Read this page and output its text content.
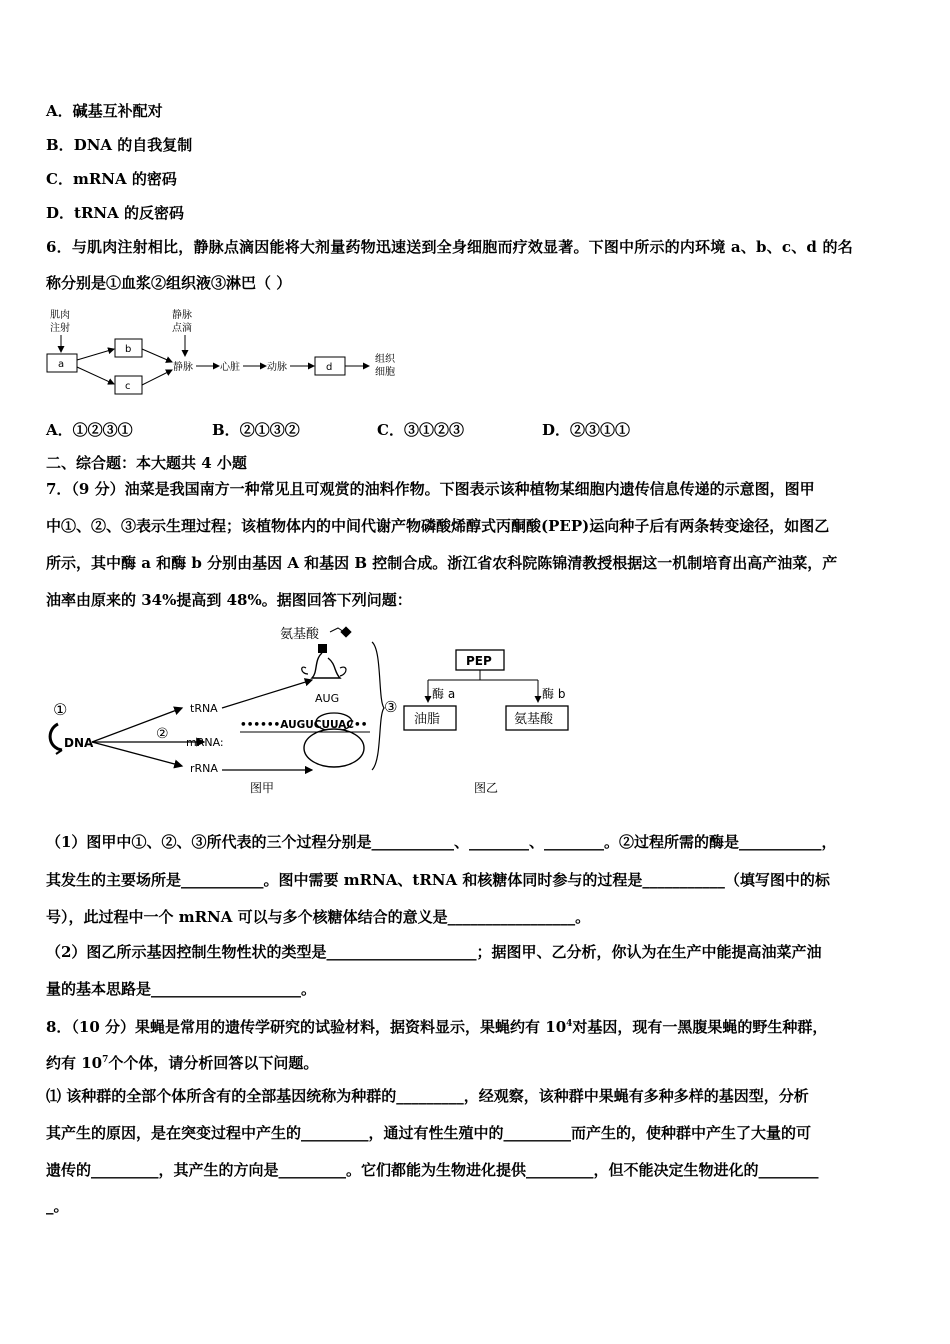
A．碱基互补配对
B．DNA 的自我复制
C．mRNA 的密码
D．tRNA 的反密码
6．与肌肉注射相比，静脉点滴因能将大剂量药物迅速送到全身细胞而疗效显著。下图中所示的内环境 a、b、c、d 的名
称分别是①血浆②组织液③淋巴（ ）
肌肉
注射
a
b
c
静脉
点滴
静脉	心脏	动脉	d
组织
细胞
A．①②③①	B．②①③②	C．③①②③	D．②③①①
二、综合题：本大题共 4 小题
7．（9 分）油菜是我国南方一种常见且可观赏的油料作物。下图表示该种植物某细胞内遗传信息传递的示意图，图甲
中①、②、③表示生理过程；该植物体内的中间代谢产物磷酸烯醇式丙酮酸(PEP)运向种子后有两条转变途径，如图乙
所示，其中酶 a 和酶 b 分别由基因 A 和基因 B 控制合成。浙江省农科院陈锦清教授根据这一机制培育出高产油菜，产
油率由原来的 34%提高到 48%。据图回答下列问题：
氨基酸
AUG
①
DNA
tRNA
②
mRNA:
rRNA
••••••AUGUCUUAC••
③
图甲
PEP
酶 a	酶 b
油脂	氨基酸
图乙
（1）图甲中①、②、③所代表的三个过程分别是___________、________、________。②过程所需的酶是___________，
其发生的主要场所是___________。图中需要 mRNA、tRNA 和核糖体同时参与的过程是___________（填写图中的标
号），此过程中一个 mRNA 可以与多个核糖体结合的意义是_________________。
（2）图乙所示基因控制生物性状的类型是____________________；据图甲、乙分析，你认为在生产中能提高油菜产油
量的基本思路是____________________。
8．（10 分）果蝇是常用的遗传学研究的试验材料，据资料显示，果蝇约有 $10^4$对基因，现有一黑腹果蝇的野生种群，
约有 $10^7$个个体，请分析回答以下问题。
⑴ 该种群的全部个体所含有的全部基因统称为种群的_________，经观察，该种群中果蝇有多种多样的基因型，分析
其产生的原因，是在突变过程中产生的_________，通过有性生殖中的_________而产生的，使种群中产生了大量的可
遗传的_________，其产生的方向是_________。它们都能为生物进化提供_________，但不能决定生物进化的________
_。
